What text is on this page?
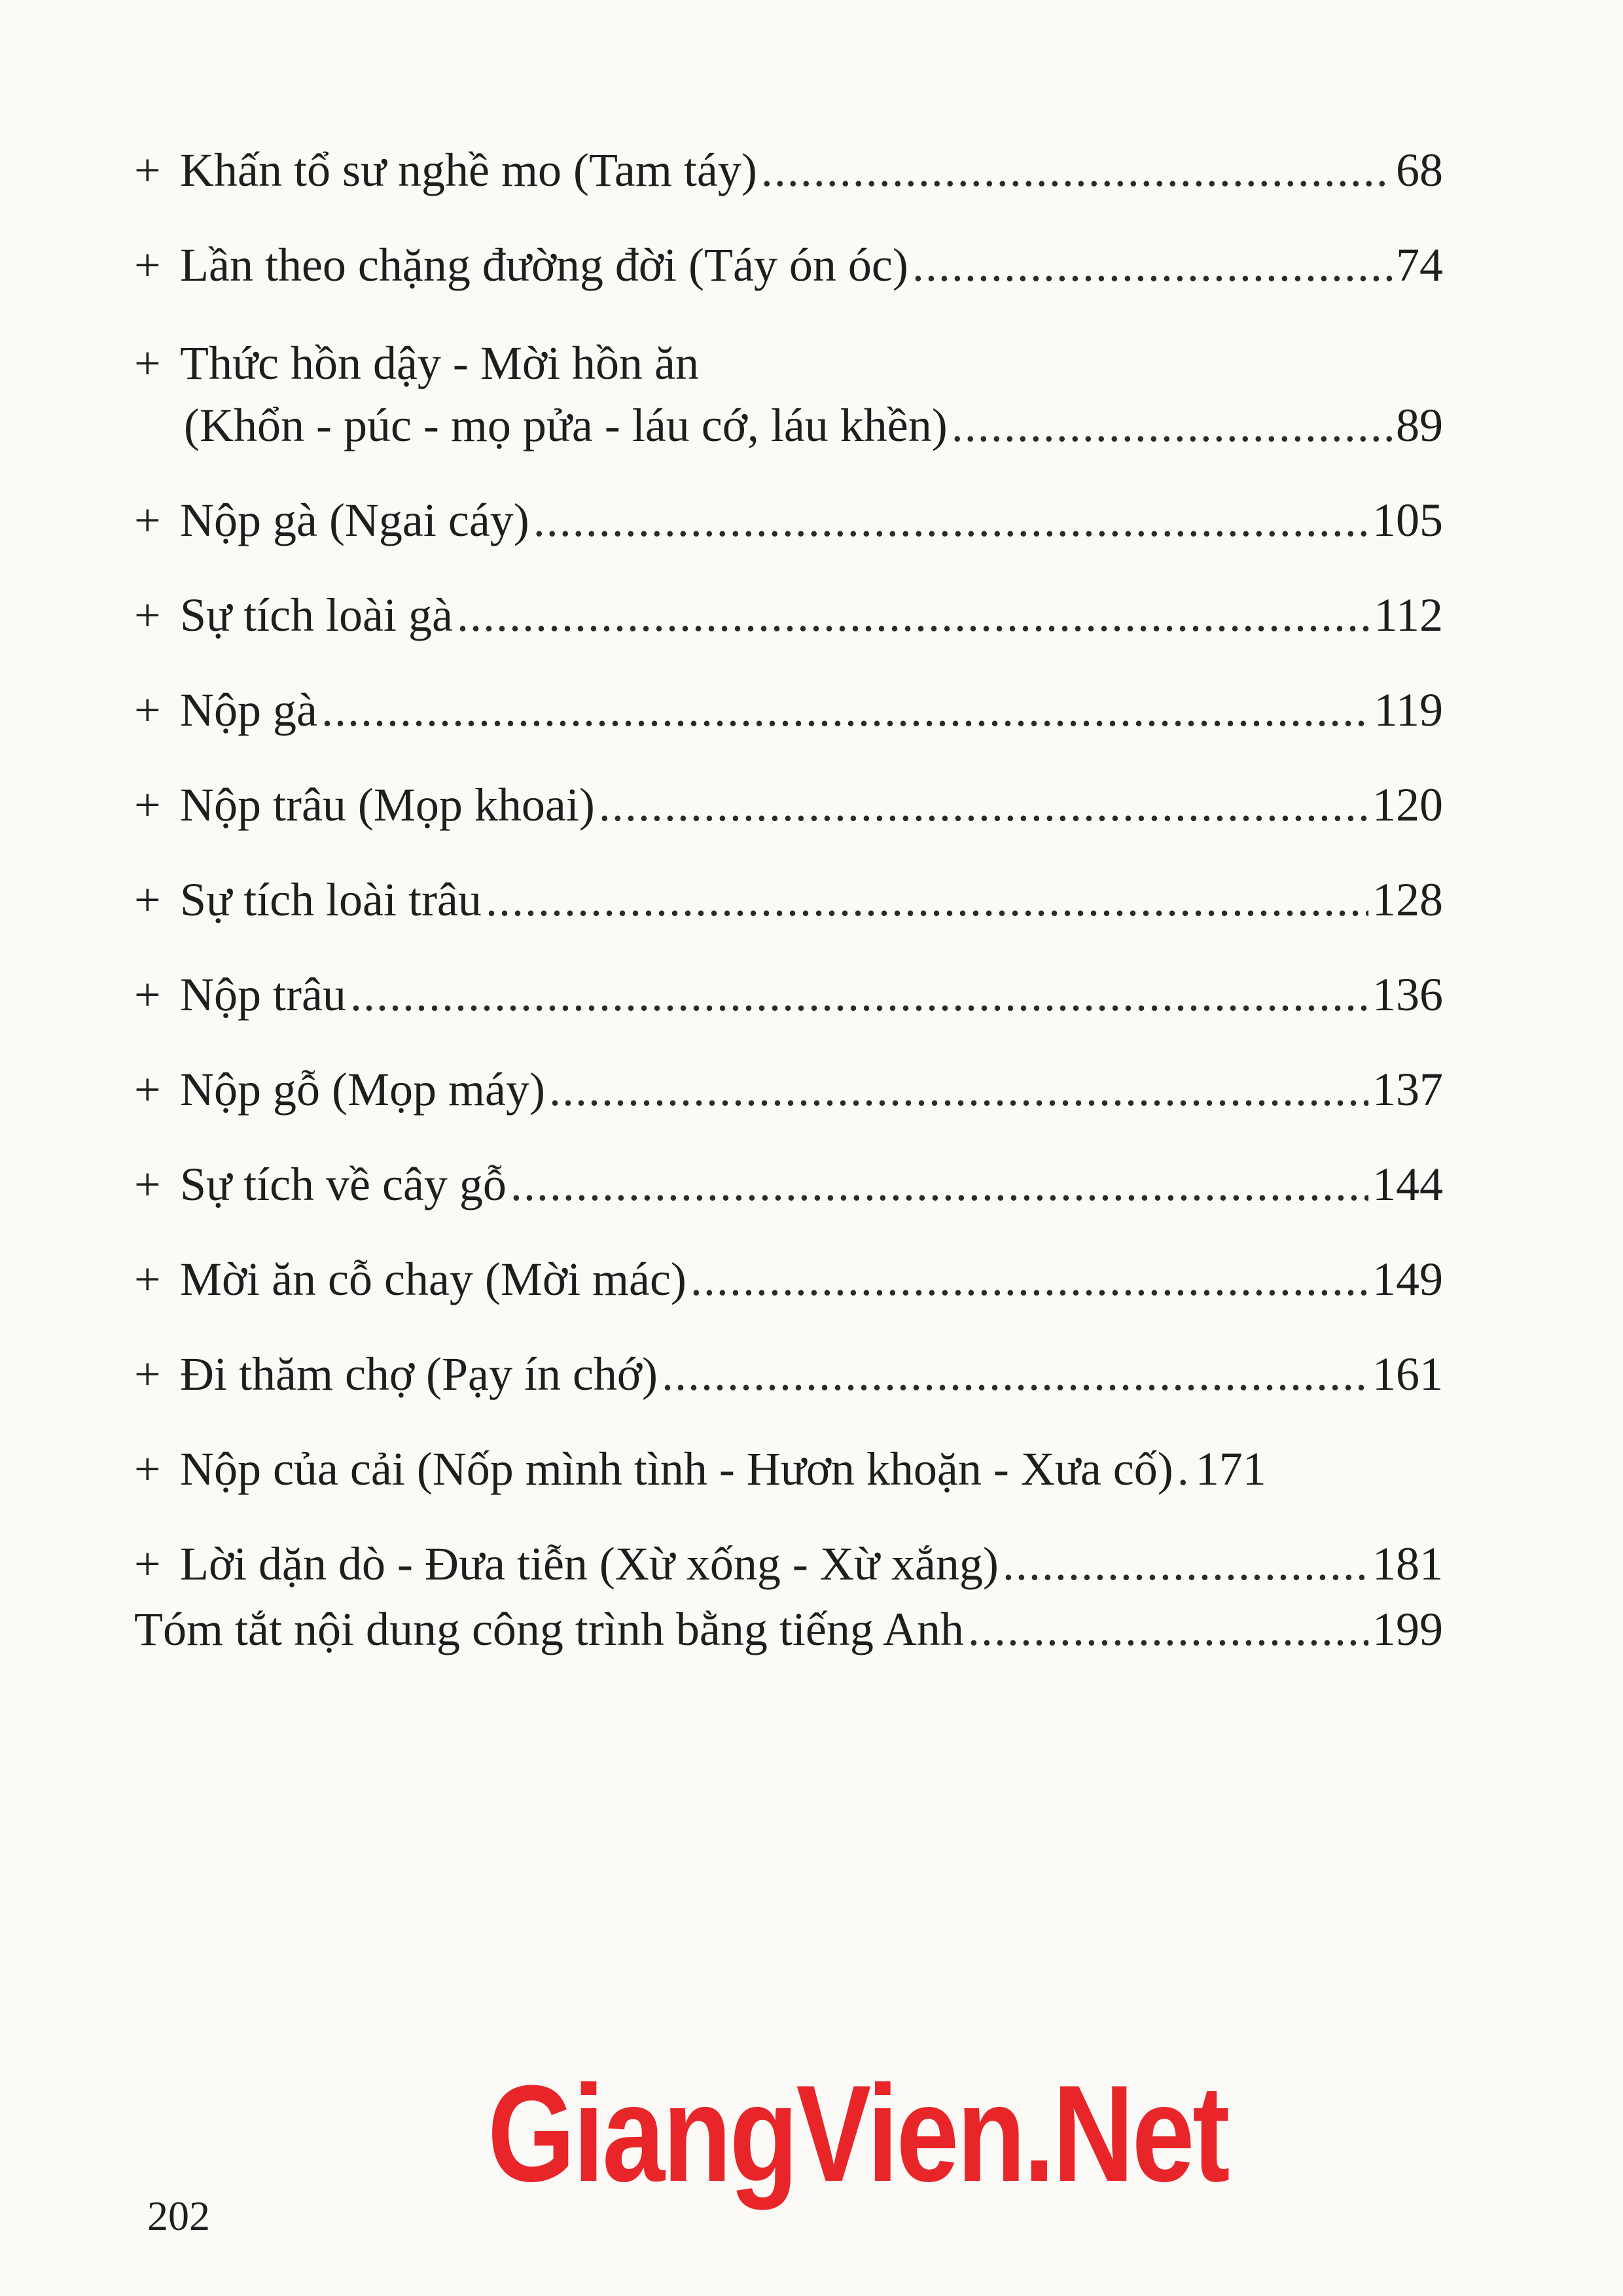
+ Khấn tổ sư nghề mo (Tam táy) .....	68
+ Lần theo chặng đường đời (Táy ón óc) .....	74
+ Thức hồn dậy - Mời hồn ăn
(Khổn - púc - mọ pửa - láu cớ, láu khền) .....	89
+ Nộp gà (Ngai cáy) .....	105
+ Sự tích loài gà .....	112
+ Nộp gà .....	119
+ Nộp trâu (Mọp khoai) .....	120
+ Sự tích loài trâu .....	128
+ Nộp trâu .....	136
+ Nộp gỗ (Mọp máy) .....	137
+ Sự tích về cây gỗ .....	144
+ Mời ăn cỗ chay (Mời mác) .....	149
+ Đi thăm chợ (Pạy ín chớ) .....	161
+ Nộp của cải (Nốp mình tình - Hươn khoặn - Xưa cố) ..... 171
+ Lời dặn dò - Đưa tiễn (Xừ xống - Xừ xắng) .....	181
Tóm tắt nội dung công trình bằng tiếng Anh .....	199
GiangVien.Net
202
